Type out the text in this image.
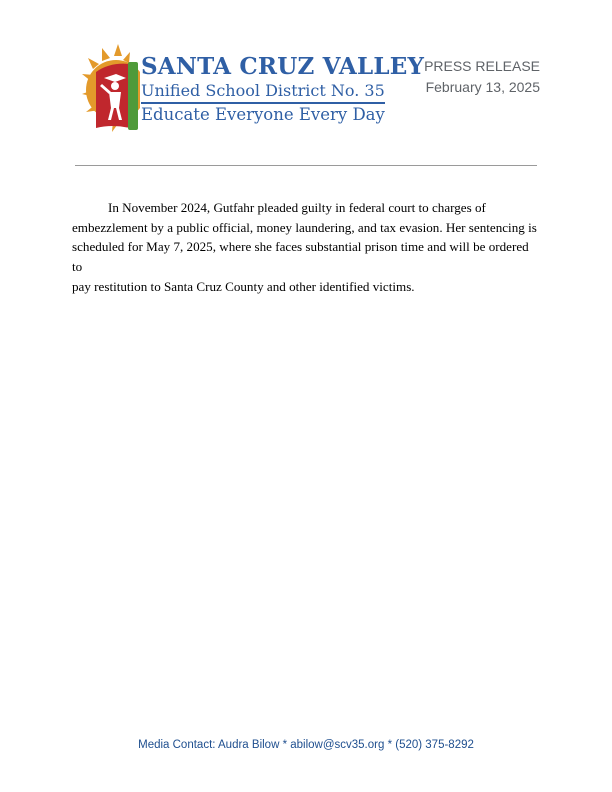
SANTA CRUZ VALLEY
Unified School District No. 35
Educate Everyone Every Day
PRESS RELEASE
February 13, 2025

In November 2024, Gutfahr pleaded guilty in federal court to charges of
embezzlement by a public official, money laundering, and tax evasion. Her sentencing is
scheduled for May 7, 2025, where she faces substantial prison time and will be ordered to
pay restitution to Santa Cruz County and other identified victims.

Media Contact: Audra Bilow * abilow@scv35.org * (520) 375-8292
